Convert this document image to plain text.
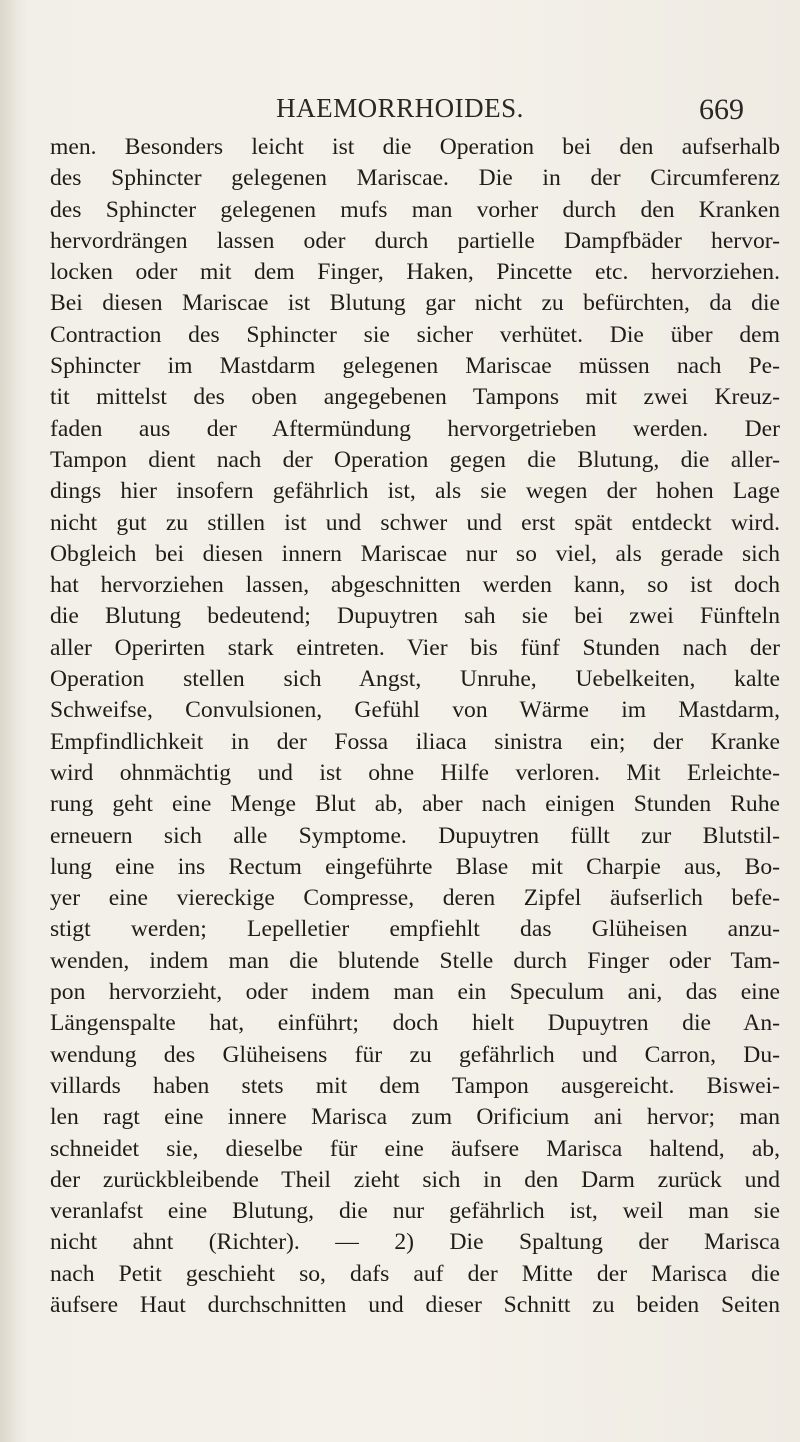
HAEMORRHOIDES.	669
men. Besonders leicht ist die Operation bei den aufserhalb
des Sphincter gelegenen Mariscae. Die in der Circumferenz
des Sphincter gelegenen mufs man vorher durch den Kranken
hervordrängen lassen oder durch partielle Dampfbäder hervor-
locken oder mit dem Finger, Haken, Pincette etc. hervorziehen.
Bei diesen Mariscae ist Blutung gar nicht zu befürchten, da die
Contraction des Sphincter sie sicher verhütet. Die über dem
Sphincter im Mastdarm gelegenen Mariscae müssen nach Pe-
tit mittelst des oben angegebenen Tampons mit zwei Kreuz-
faden aus der Aftermündung hervorgetrieben werden. Der
Tampon dient nach der Operation gegen die Blutung, die aller-
dings hier insofern gefährlich ist, als sie wegen der hohen Lage
nicht gut zu stillen ist und schwer und erst spät entdeckt wird.
Obgleich bei diesen innern Mariscae nur so viel, als gerade sich
hat hervorziehen lassen, abgeschnitten werden kann, so ist doch
die Blutung bedeutend; Dupuytren sah sie bei zwei Fünfteln
aller Operirten stark eintreten. Vier bis fünf Stunden nach der
Operation stellen sich Angst, Unruhe, Uebelkeiten, kalte
Schweifse, Convulsionen, Gefühl von Wärme im Mastdarm,
Empfindlichkeit in der Fossa iliaca sinistra ein; der Kranke
wird ohnmächtig und ist ohne Hilfe verloren. Mit Erleichte-
rung geht eine Menge Blut ab, aber nach einigen Stunden Ruhe
erneuern sich alle Symptome. Dupuytren füllt zur Blutstil-
lung eine ins Rectum eingeführte Blase mit Charpie aus, Bo-
yer eine viereckige Compresse, deren Zipfel äufserlich befe-
stigt werden; Lepelletier empfiehlt das Glüheisen anzu-
wenden, indem man die blutende Stelle durch Finger oder Tam-
pon hervorzieht, oder indem man ein Speculum ani, das eine
Längenspalte hat, einführt; doch hielt Dupuytren die An-
wendung des Glüheisens für zu gefährlich und Carron, Du-
villards haben stets mit dem Tampon ausgereicht. Biswei-
len ragt eine innere Marisca zum Orificium ani hervor; man
schneidet sie, dieselbe für eine äufsere Marisca haltend, ab,
der zurückbleibende Theil zieht sich in den Darm zurück und
veranlafst eine Blutung, die nur gefährlich ist, weil man sie
nicht ahnt (Richter). — 2) Die Spaltung der Marisca
nach Petit geschieht so, dafs auf der Mitte der Marisca die
äufsere Haut durchschnitten und dieser Schnitt zu beiden Seiten
